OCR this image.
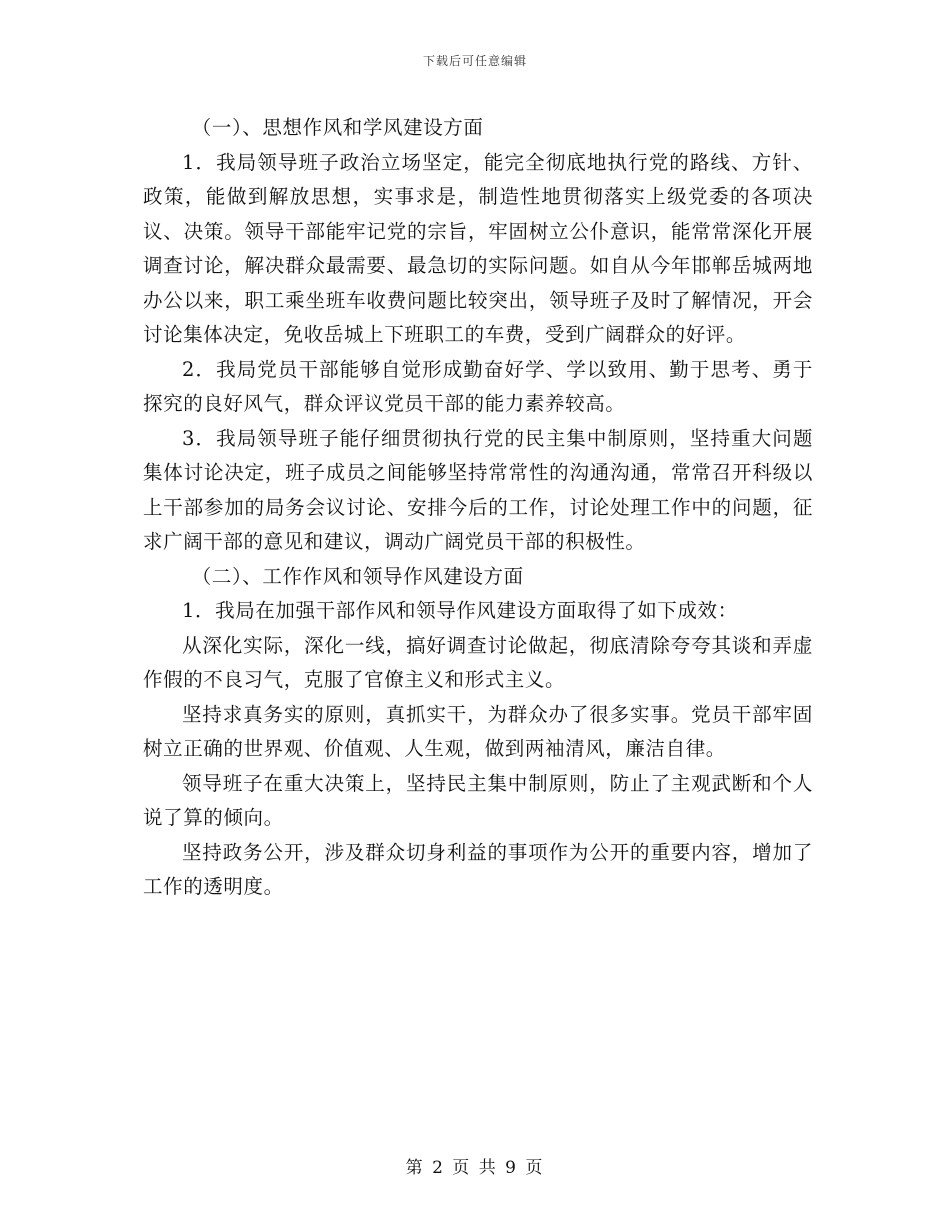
下载后可任意编辑

（一）、思想作风和学风建设方面

1．我局领导班子政治立场坚定，能完全彻底地执行党的路线、方针、政策，能做到解放思想，实事求是，制造性地贯彻落实上级党委的各项决议、决策。领导干部能牢记党的宗旨，牢固树立公仆意识，能常常深化开展调查讨论，解决群众最需要、最急切的实际问题。如自从今年邯郸岳城两地办公以来，职工乘坐班车收费问题比较突出，领导班子及时了解情况，开会讨论集体决定，免收岳城上下班职工的车费，受到广阔群众的好评。

2．我局党员干部能够自觉形成勤奋好学、学以致用、勤于思考、勇于探究的良好风气，群众评议党员干部的能力素养较高。

3．我局领导班子能仔细贯彻执行党的民主集中制原则，坚持重大问题集体讨论决定，班子成员之间能够坚持常常性的沟通沟通，常常召开科级以上干部参加的局务会议讨论、安排今后的工作，讨论处理工作中的问题，征求广阔干部的意见和建议，调动广阔党员干部的积极性。

（二）、工作作风和领导作风建设方面

1．我局在加强干部作风和领导作风建设方面取得了如下成效：

从深化实际，深化一线，搞好调查讨论做起，彻底清除夸夸其谈和弄虚作假的不良习气，克服了官僚主义和形式主义。

坚持求真务实的原则，真抓实干，为群众办了很多实事。党员干部牢固树立正确的世界观、价值观、人生观，做到两袖清风，廉洁自律。

领导班子在重大决策上，坚持民主集中制原则，防止了主观武断和个人说了算的倾向。

坚持政务公开，涉及群众切身利益的事项作为公开的重要内容，增加了工作的透明度。

第 2 页 共 9 页
